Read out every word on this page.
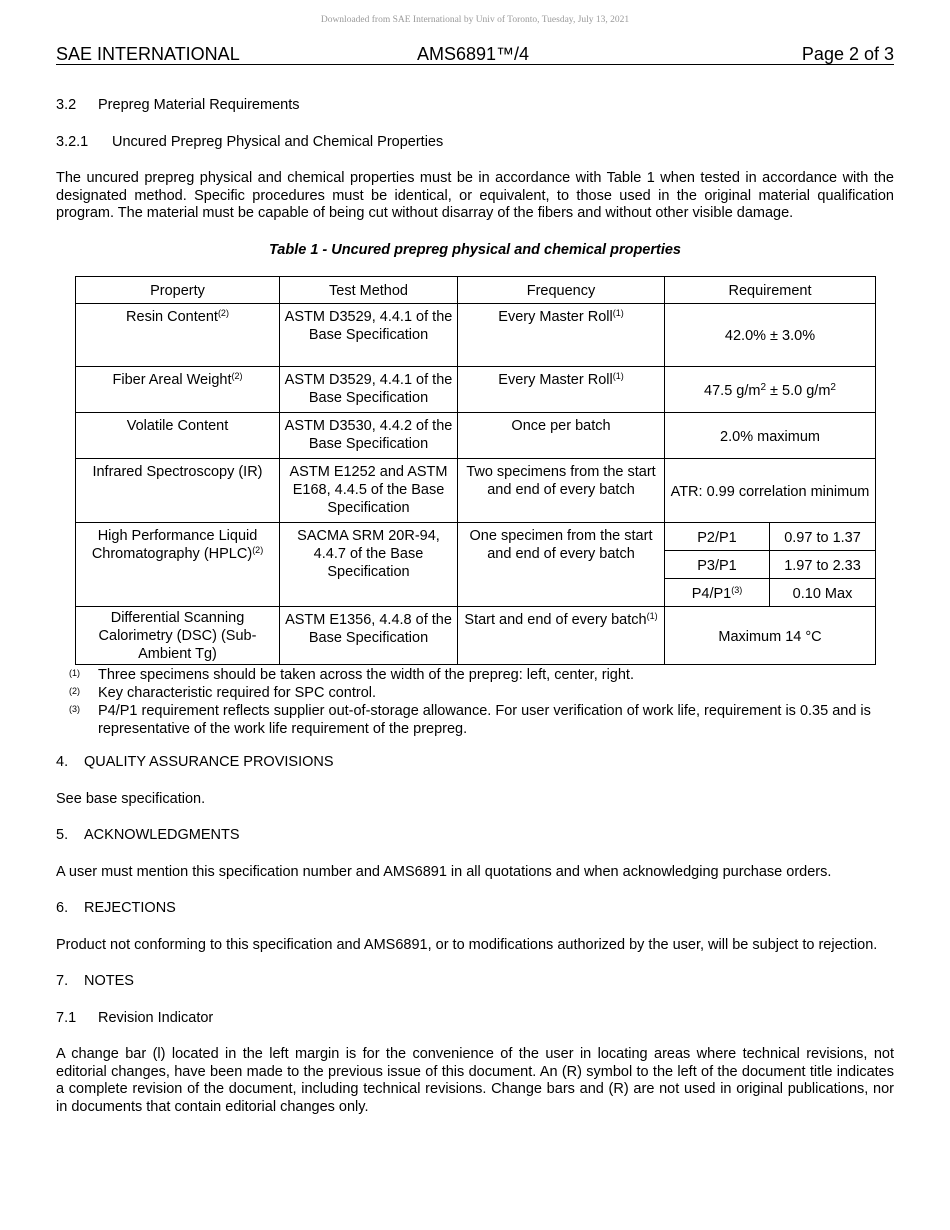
Downloaded from SAE International by Univ of Toronto, Tuesday, July 13, 2021
SAE INTERNATIONAL	AMS6891™/4	Page 2 of 3
3.2 Prepreg Material Requirements
3.2.1 Uncured Prepreg Physical and Chemical Properties

The uncured prepreg physical and chemical properties must be in accordance with Table 1 when tested in accordance with the designated method. Specific procedures must be identical, or equivalent, to those used in the original material qualification program. The material must be capable of being cut without disarray of the fibers and without other visible damage.

Table 1 - Uncured prepreg physical and chemical properties
Property	Test Method	Frequency	Requirement	
Resin Content$^{(2)}$	ASTM D3529, 4.4.1 of the Base Specification	Every Master Roll$^{(1)}$	42.0% ± 3.0%	
Fiber Areal Weight$^{(2)}$	ASTM D3529, 4.4.1 of the Base Specification	Every Master Roll$^{(1)}$	47.5 $g/m^2 \pm 5.0$ $g/m^2$
Volatile Content	ASTM D3530, 4.4.2 of the Base Specification	Once per batch	2.0% maximum	
Infrared Spectroscopy (IR)	ASTM E1252 and ASTM E168, 4.4.5 of the Base Specification	Two specimens from the start and end of every batch	ATR: 0.99 correlation minimum	
High Performance Liquid Chromatography (HPLC)$^{(2)}$	SACMA SRM 20R-94, 4.4.7 of the Base Specification	One specimen from the start and end of every batch	P2/P1	0.97 to 1.37
			P3/P1	1.97 to 2.33
			P4/P1$^{(3)}$	0.10 Max
Differential Scanning Calorimetry (DSC) (Sub-Ambient Tg)	ASTM E1356, 4.4.8 of the Base Specification	Start and end of every batch$^{(1)}$	Maximum 14 °C	
(1)	Three specimens should be taken across the width of the prepreg: left, center, right.
(2)	Key characteristic required for SPC control.
(3)	P4/P1 requirement reflects supplier out-of-storage allowance. For user verification of work life, requirement is 0.35 and is representative of the work life requirement of the prepreg.
4. QUALITY ASSURANCE PROVISIONS

See base specification.

5. ACKNOWLEDGMENTS

A user must mention this specification number and AMS6891 in all quotations and when acknowledging purchase orders.

6. REJECTIONS

Product not conforming to this specification and AMS6891, or to modifications authorized by the user, will be subject to rejection.

7. NOTES
7.1 Revision Indicator

A change bar (l) located in the left margin is for the convenience of the user in locating areas where technical revisions, not editorial changes, have been made to the previous issue of this document. An (R) symbol to the left of the document title indicates a complete revision of the document, including technical revisions. Change bars and (R) are not used in original publications, nor in documents that contain editorial changes only.
